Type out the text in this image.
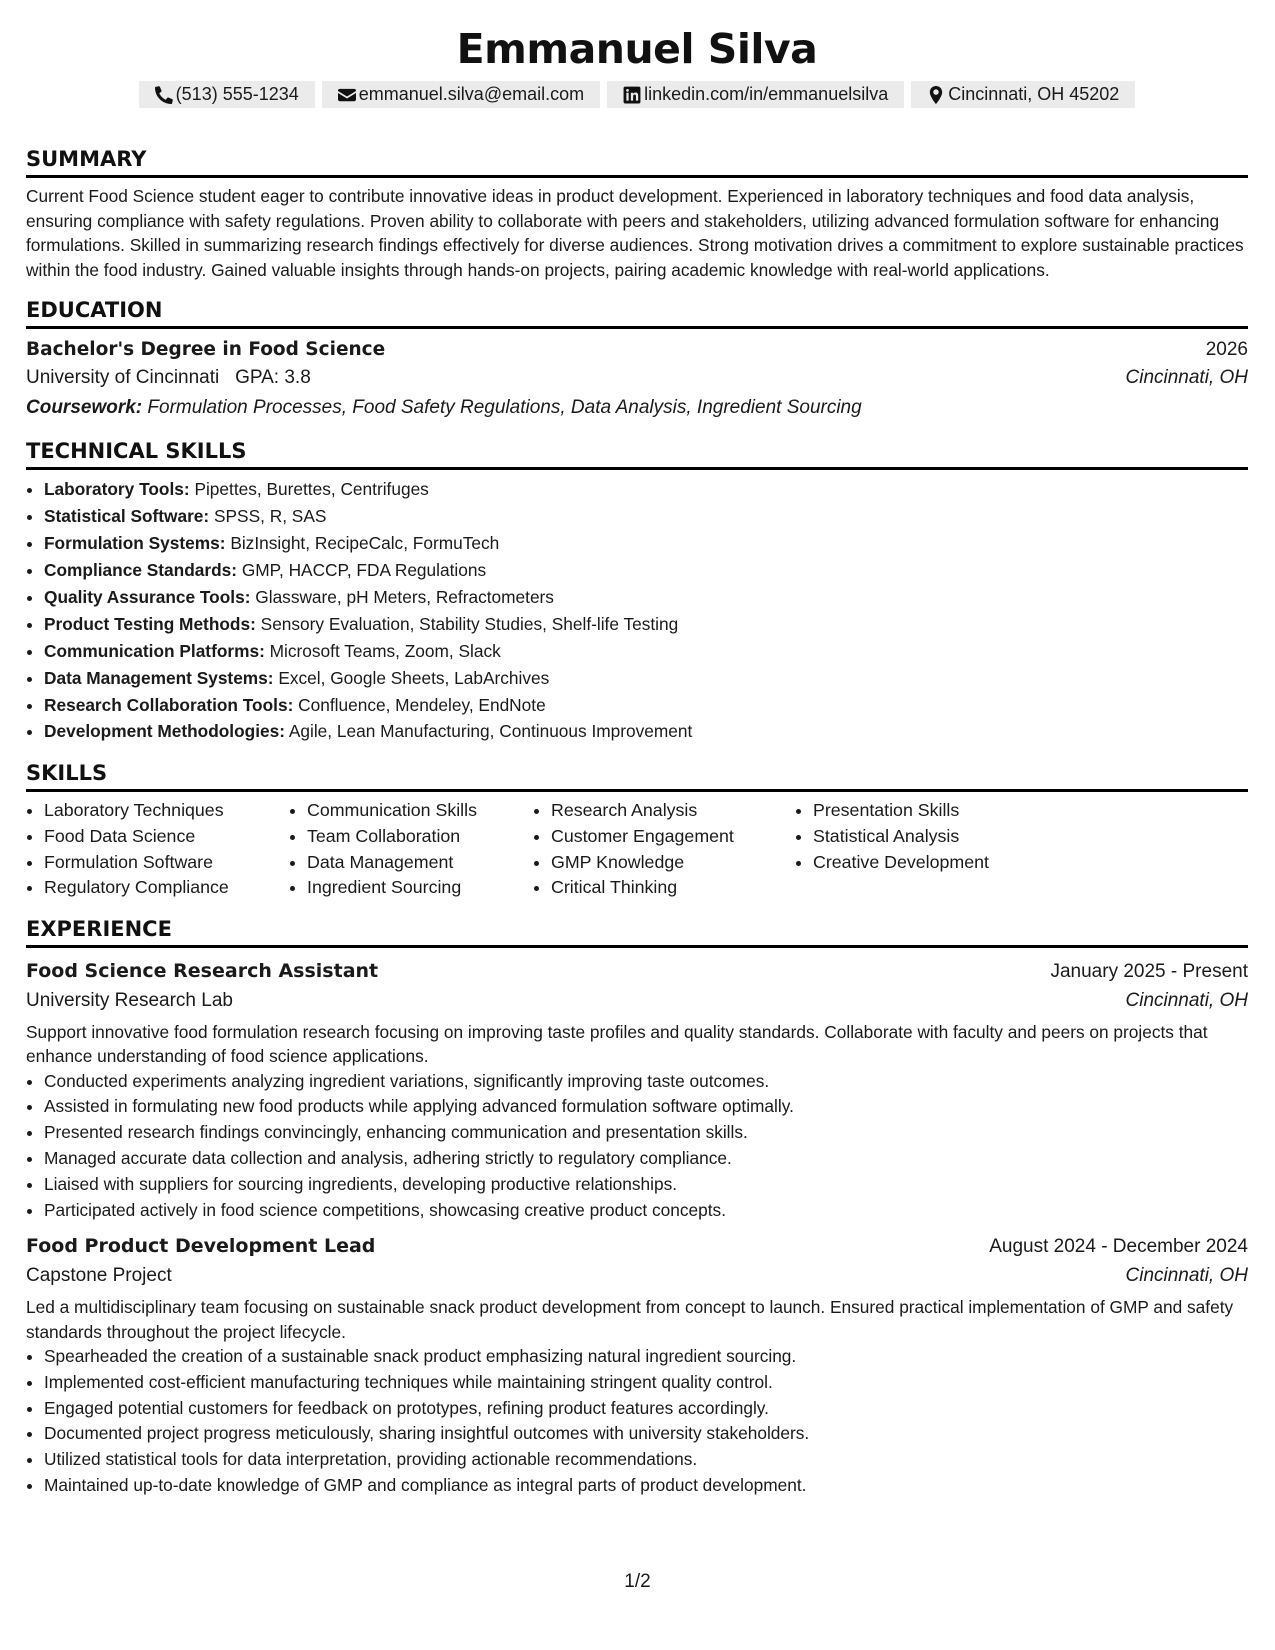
Emmanuel Silva
(513) 555-1234	emmanuel.silva@email.com	linkedin.com/in/emmanuelsilva	Cincinnati, OH 45202
SUMMARY

Current Food Science student eager to contribute innovative ideas in product development. Experienced in laboratory techniques and food data analysis, ensuring compliance with safety regulations. Proven ability to collaborate with peers and stakeholders, utilizing advanced formulation software for enhancing formulations. Skilled in summarizing research findings effectively for diverse audiences. Strong motivation drives a commitment to explore sustainable practices within the food industry. Gained valuable insights through hands-on projects, pairing academic knowledge with real-world applications.

EDUCATION
Bachelor's Degree in Food Science	2026
University of Cincinnati GPA: 3.8	Cincinnati, OH
Coursework: Formulation Processes, Food Safety Regulations, Data Analysis, Ingredient Sourcing
TECHNICAL SKILLS
• Laboratory Tools: Pipettes, Burettes, Centrifuges
• Statistical Software: SPSS, R, SAS
• Formulation Systems: BizInsight, RecipeCalc, FormuTech
• Compliance Standards: GMP, HACCP, FDA Regulations
• Quality Assurance Tools: Glassware, pH Meters, Refractometers
• Product Testing Methods: Sensory Evaluation, Stability Studies, Shelf-life Testing
• Communication Platforms: Microsoft Teams, Zoom, Slack
• Data Management Systems: Excel, Google Sheets, LabArchives
• Research Collaboration Tools: Confluence, Mendeley, EndNote
• Development Methodologies: Agile, Lean Manufacturing, Continuous Improvement
SKILLS
• Laboratory Techniques
• Food Data Science
• Formulation Software
• Regulatory Compliance
• Communication Skills
• Team Collaboration
• Data Management
• Ingredient Sourcing
• Research Analysis
• Customer Engagement
• GMP Knowledge
• Critical Thinking
• Presentation Skills
• Statistical Analysis
• Creative Development
EXPERIENCE
Food Science Research Assistant	January 2025 - Present
University Research Lab	Cincinnati, OH

Support innovative food formulation research focusing on improving taste profiles and quality standards. Collaborate with faculty and peers on projects that enhance understanding of food science applications.

• Conducted experiments analyzing ingredient variations, significantly improving taste outcomes.
• Assisted in formulating new food products while applying advanced formulation software optimally.
• Presented research findings convincingly, enhancing communication and presentation skills.
• Managed accurate data collection and analysis, adhering strictly to regulatory compliance.
• Liaised with suppliers for sourcing ingredients, developing productive relationships.
• Participated actively in food science competitions, showcasing creative product concepts.
Food Product Development Lead	August 2024 - December 2024
Capstone Project	Cincinnati, OH

Led a multidisciplinary team focusing on sustainable snack product development from concept to launch. Ensured practical implementation of GMP and safety standards throughout the project lifecycle.

• Spearheaded the creation of a sustainable snack product emphasizing natural ingredient sourcing.
• Implemented cost-efficient manufacturing techniques while maintaining stringent quality control.
• Engaged potential customers for feedback on prototypes, refining product features accordingly.
• Documented project progress meticulously, sharing insightful outcomes with university stakeholders.
• Utilized statistical tools for data interpretation, providing actionable recommendations.
• Maintained up-to-date knowledge of GMP and compliance as integral parts of product development.
1/2
